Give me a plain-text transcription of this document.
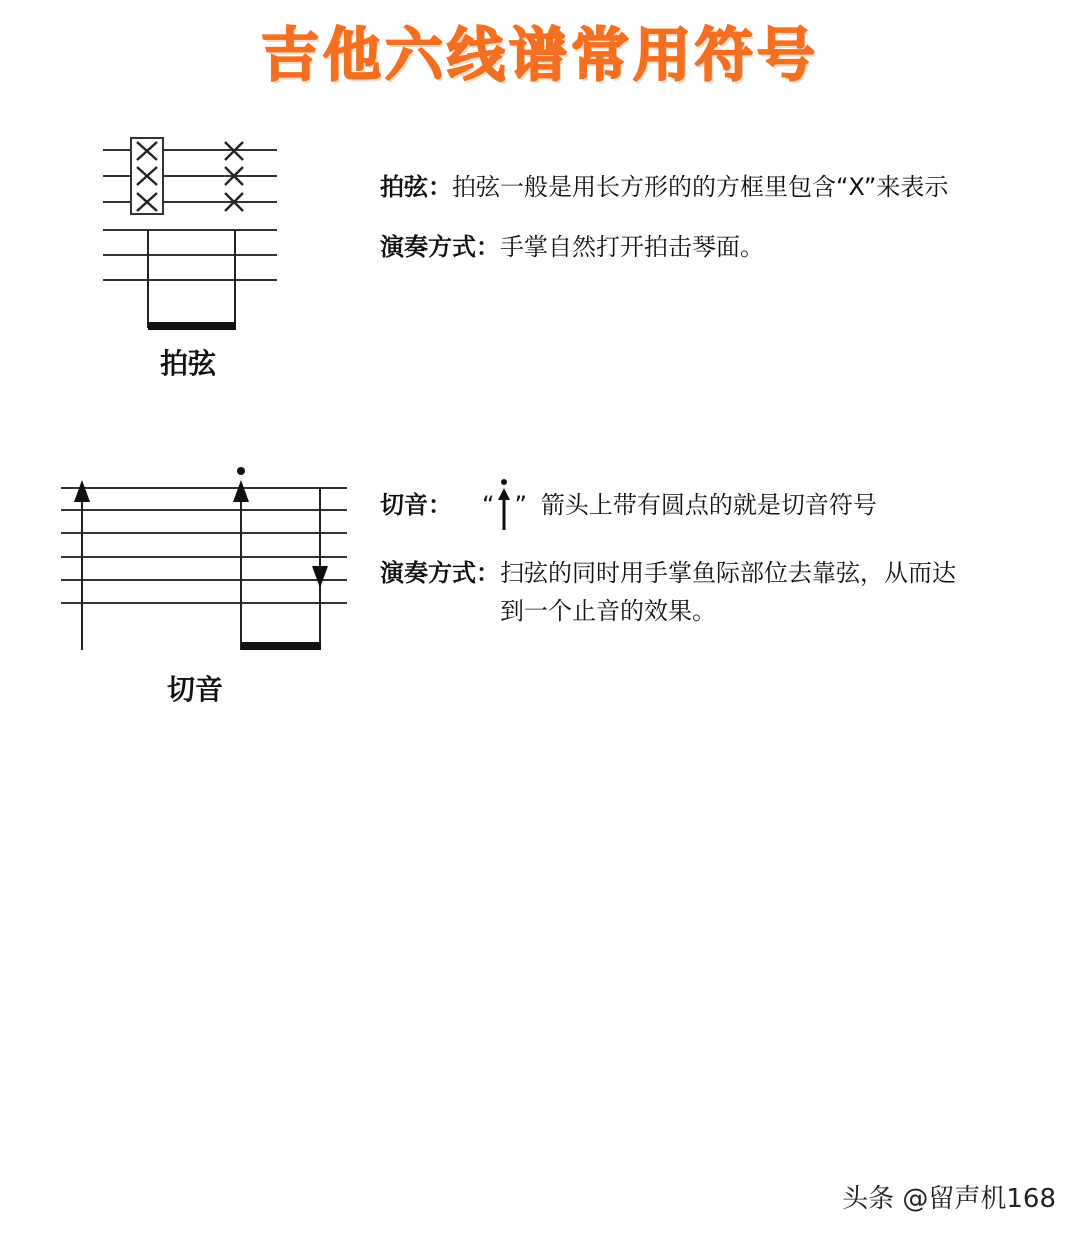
吉他六线谱常用符号
拍弦
拍弦： 拍弦一般是用长方形的的方框里包含“X”来表示
演奏方式： 手掌自然打开拍击琴面。
切音
切音： “ ” 箭头上带有圆点的就是切音符号
演奏方式： 扫弦的同时用手掌鱼际部位去靠弦，从而达
到一个止音的效果。
头条 @留声机168
